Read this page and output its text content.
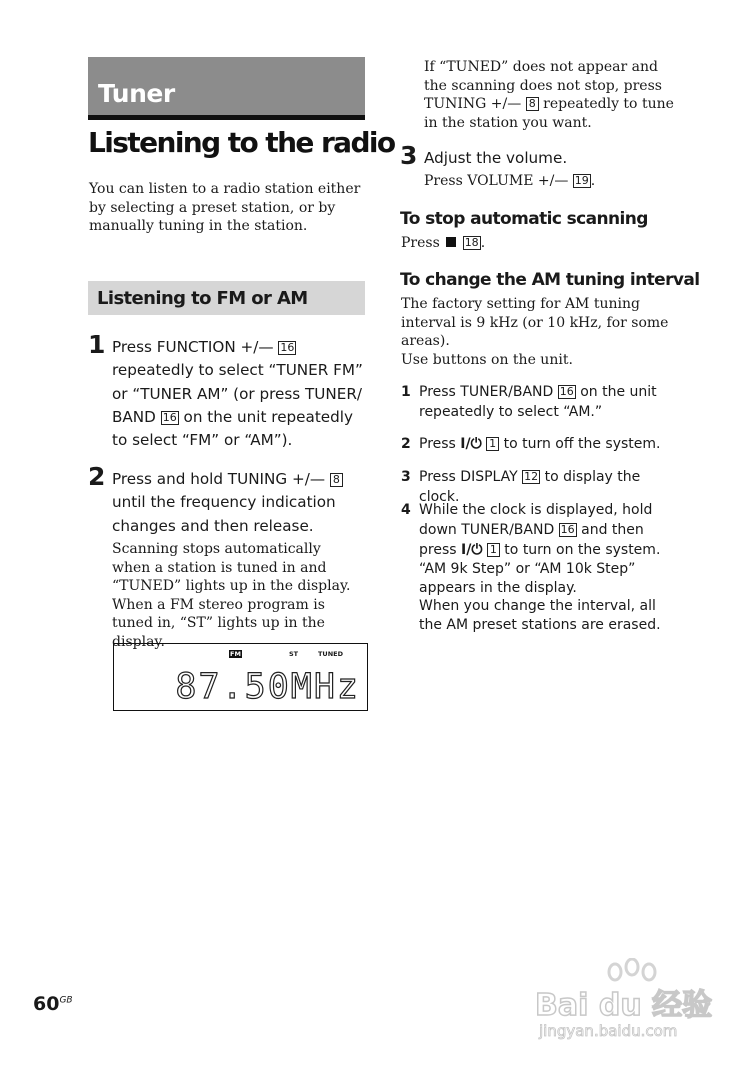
Tuner
Listening to the radio
You can listen to a radio station either by selecting a preset station, or by manually tuning in the station.
Listening to FM or AM
1 Press FUNCTION +/— 16 repeatedly to select “TUNER FM” or “TUNER AM” (or press TUNER/ BAND 16 on the unit repeatedly to select “FM” or “AM”).
2 Press and hold TUNING +/— 8 until the frequency indication changes and then release.
Scanning stops automatically when a station is tuned in and “TUNED” lights up in the display. When a FM stereo program is tuned in, “ST” lights up in the display.
FM	ST	TUNED
87.50MHz
If “TUNED” does not appear and the scanning does not stop, press TUNING +/— 8 repeatedly to tune in the station you want.
3 Adjust the volume.
Press VOLUME +/— 19 .
To stop automatic scanning
Press 18 .
To change the AM tuning interval
The factory setting for AM tuning interval is 9 kHz (or 10 kHz, for some areas).
Use buttons on the unit.
1 Press TUNER/BAND 16 on the unit repeatedly to select “AM.”
2 Press I/⏻ 1 to turn off the system.
3 Press DISPLAY 12 to display the clock.
4 While the clock is displayed, hold down TUNER/BAND 16 and then press I/⏻ 1 to turn on the system.
“AM 9k Step” or “AM 10k Step” appears in the display.
When you change the interval, all the AM preset stations are erased.
$60^{GB}$	Bai du 经验
jingyan.baidu.com
